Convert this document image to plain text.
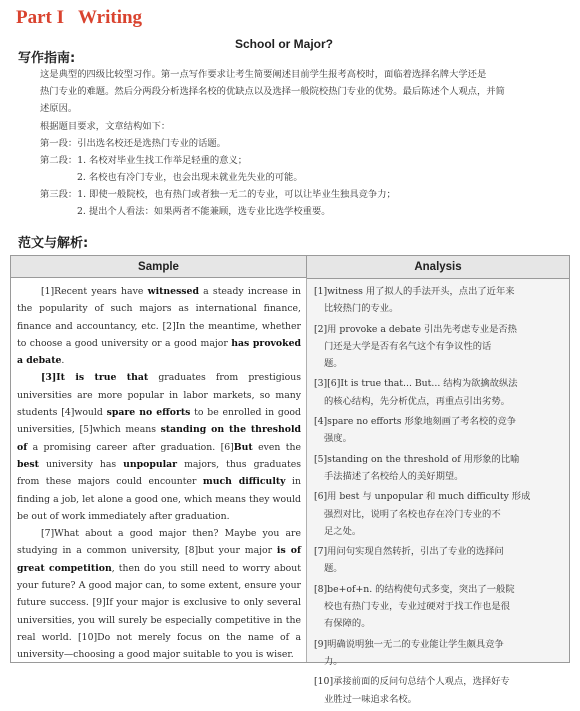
Part I Writing
School or Major?
写作指南:
这是典型的四级比较型习作。第一点写作要求让考生简要阐述目前学生报考高校时，面临着选择名牌大学还是
热门专业的难题。然后分两段分析选择名校的优缺点以及选择一般院校热门专业的优势。最后陈述个人观点，并简
述原因。
根据题目要求，文章结构如下：
第一段：引出选名校还是选热门专业的话题。
第二段：1. 名校对毕业生找工作举足轻重的意义；
2. 名校也有冷门专业，也会出现未就业先失业的可能。
第三段：1. 即使一般院校，也有热门或者独一无二的专业，可以让毕业生独具竞争力；
2. 提出个人看法：如果两者不能兼顾，选专业比选学校重要。
范文与解析:
Sample	Analysis

[1]Recent years have witnessed a steady increase in the popularity of such majors as international finance, finance and accountancy, etc. [2]In the meantime, whether to choose a good university or a good major has provoked a debate.

[3]It is true that graduates from prestigious universities are more popular in labor markets, so many students [4]would spare no efforts to be enrolled in good universities, [5]which means standing on the threshold of a promising career after graduation. [6]But even the best university has unpopular majors, thus graduates from these majors could encounter much difficulty in finding a job, let alone a good one, which means they would be out of work immediately after graduation.

[7]What about a good major then? Maybe you are studying in a common university, [8]but your major is of great competition, then do you still need to worry about your future? A good major can, to some extent, ensure your future success. [9]If your major is exclusive to only several universities, you will surely be especially competitive in the real world. [10]Do not merely focus on the name of a university—choosing a good major suitable to you is wiser.

[1]witness 用了拟人的手法开头，点出了近年来
比较热门的专业。
[2]用 provoke a debate 引出先考虑专业是否热
门还是大学是否有名气这个有争议性的话
题。
[3][6]It is true that... But... 结构为欲擒故纵法
的核心结构，先分析优点，再重点引出劣势。
[4]spare no efforts 形象地刻画了考名校的竞争
强度。
[5]standing on the threshold of 用形象的比喻
手法描述了名校给人的美好期望。
[6]用 best 与 unpopular 和 much difficulty 形成
强烈对比，说明了名校也存在冷门专业的不
足之处。
[7]用问句实现自然转折，引出了专业的选择问
题。
[8]be+of+n. 的结构使句式多变，突出了一般院
校也有热门专业，专业过硬对于找工作也是很
有保障的。
[9]明确说明独一无二的专业能让学生颇具竞争
力。
[10]承接前面的反问句总结个人观点，选择好专
业胜过一味追求名校。
